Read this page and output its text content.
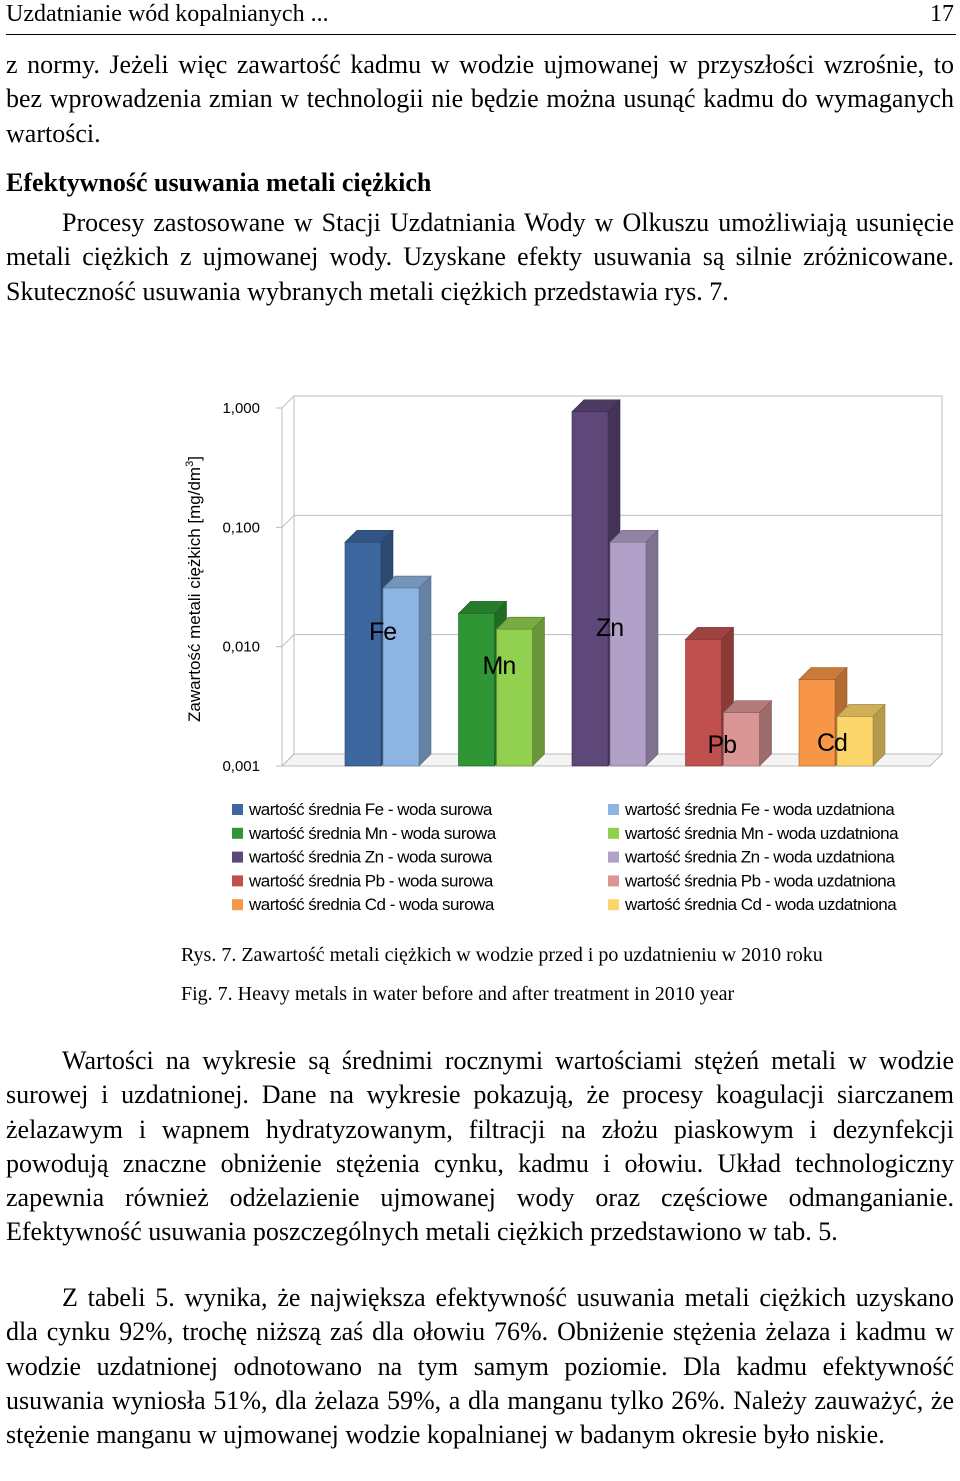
Uzdatnianie wód kopalnianych ...	17

z normy. Jeżeli więc zawartość kadmu w wodzie ujmowanej w przyszłości wzrośnie, to bez wprowadzenia zmian w technologii nie będzie można usunąć kadmu do wymaganych wartości.

Efektywność usuwania metali ciężkich

Procesy zastosowane w Stacji Uzdatniania Wody w Olkuszu umożliwiają usunięcie metali ciężkich z ujmowanej wody. Uzyskane efekty usuwania są silnie zróżnicowane. Skuteczność usuwania wybranych metali ciężkich przedstawia rys. 7.

0,001
0,010
0,100
1,000
Fe
Mn
Zn
Pb	Cd
Zawartość metali ciężkich $[mg/dm^3]$
wartość średnia Fe - woda surowa	wartość średnia Fe - woda uzdatniona
wartość średnia Mn - woda surowa	wartość średnia Mn - woda uzdatniona
wartość średnia Zn - woda surowa	wartość średnia Zn - woda uzdatniona
wartość średnia Pb - woda surowa	wartość średnia Pb - woda uzdatniona
wartość średnia Cd - woda surowa	wartość średnia Cd - woda uzdatniona
Rys. 7. Zawartość metali ciężkich w wodzie przed i po uzdatnieniu w 2010 roku
Fig. 7. Heavy metals in water before and after treatment in 2010 year

Wartości na wykresie są średnimi rocznymi wartościami stężeń metali w wodzie surowej i uzdatnionej. Dane na wykresie pokazują, że procesy koagulacji siarczanem żelazawym i wapnem hydratyzowanym, filtracji na złożu piaskowym i dezynfekcji powodują znaczne obniżenie stężenia cynku, kadmu i ołowiu. Układ technologiczny zapewnia również odżelazienie ujmowanej wody oraz częściowe odmanganianie. Efektywność usuwania poszczególnych metali ciężkich przedstawiono w tab. 5.

Z tabeli 5. wynika, że największa efektywność usuwania metali ciężkich uzyskano dla cynku 92%, trochę niższą zaś dla ołowiu 76%. Obniżenie stężenia żelaza i kadmu w wodzie uzdatnionej odnotowano na tym samym poziomie. Dla kadmu efektywność usuwania wyniosła 51%, dla żelaza 59%, a dla manganu tylko 26%. Należy zauważyć, że stężenie manganu w ujmowanej wodzie kopalnianej w badanym okresie było niskie.
